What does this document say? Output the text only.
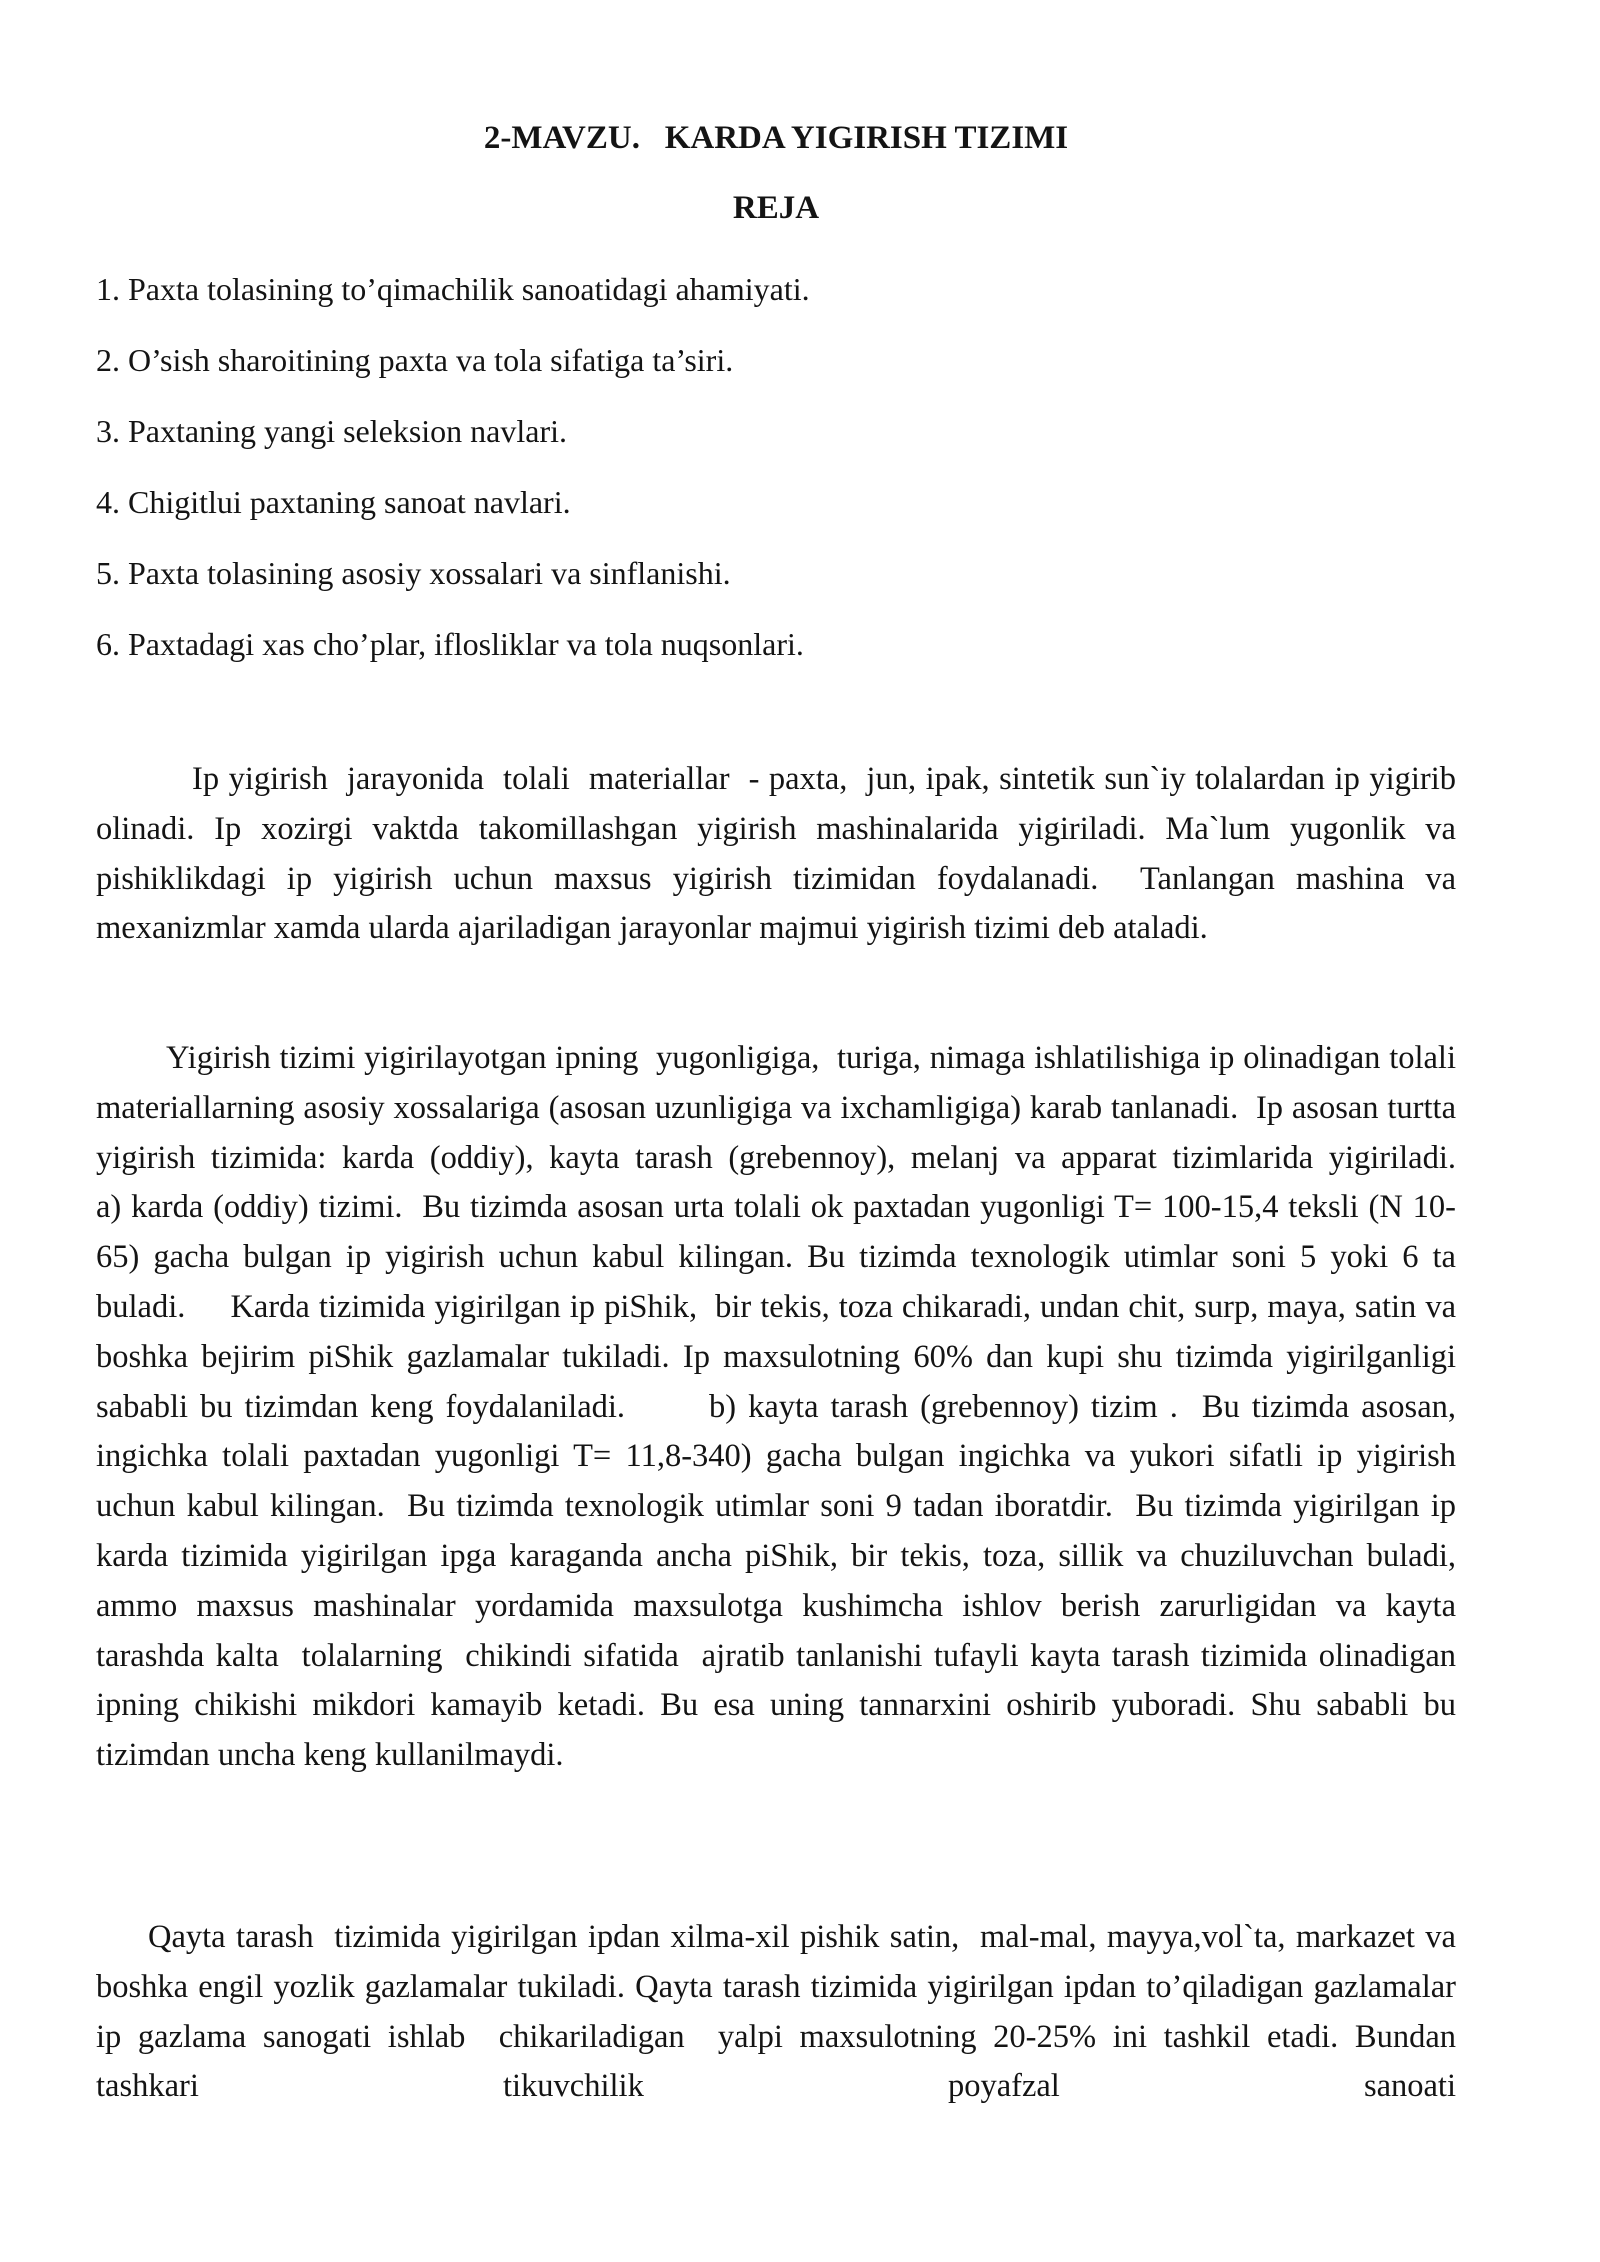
2-MAVZU.   KARDA YIGIRISH TIZIMI
REJA
1. Paxta tolasining to’qimachilik sanoatidagi ahamiyati.
2. O’sish sharoitining paxta va tola sifatiga ta’siri.
3. Paxtaning yangi seleksion navlari.
4. Chigitlui paxtaning sanoat navlari.
5. Paxta tolasining asosiy xossalari va sinflanishi.
6. Paxtadagi xas cho’plar, iflosliklar va tola nuqsonlari.

Ip yigirish  jarayonida  tolali  materiallar  - paxta,  jun, ipak, sintetik sun`iy tolalardan ip yigirib olinadi. Ip xozirgi vaktda takomillashgan yigirish mashinalarida yigiriladi. Ma`lum yugonlik va pishiklikdagi ip yigirish uchun maxsus yigirish tizimidan foydalanadi.  Tanlangan mashina va mexanizmlar xamda ularda ajariladigan jarayonlar majmui yigirish tizimi deb ataladi.

Yigirish tizimi yigirilayotgan ipning  yugonligiga,  turiga, nimaga ishlatilishiga ip olinadigan tolali materiallarning asosiy xossalariga (asosan uzunligiga va ixchamligiga) karab tanlanadi.  Ip asosan turtta yigirish tizimida: karda (oddiy), kayta tarash (grebennoy), melanj va apparat tizimlarida yigiriladi.       a) karda (oddiy) tizimi.  Bu tizimda asosan urta tolali ok paxtadan yugonligi T= 100-15,4 teksli (N 10-65) gacha bulgan ip yigirish uchun kabul kilingan. Bu tizimda texnologik utimlar soni 5 yoki 6 ta buladi.     Karda tizimida yigirilgan ip piShik,  bir tekis, toza chikaradi, undan chit, surp, maya, satin va boshka bejirim piShik gazlamalar tukiladi. Ip maxsulotning 60% dan kupi shu tizimda yigirilganligi sababli bu tizimdan keng foydalaniladi.       b) kayta tarash (grebennoy) tizim .  Bu tizimda asosan, ingichka tolali paxtadan yugonligi T= 11,8-340) gacha bulgan ingichka va yukori sifatli ip yigirish uchun kabul kilingan.  Bu tizimda texnologik utimlar soni 9 tadan iboratdir.  Bu tizimda yigirilgan ip karda tizimida yigirilgan ipga karaganda ancha piShik, bir tekis, toza, sillik va chuziluvchan buladi, ammo maxsus mashinalar yordamida maxsulotga kushimcha ishlov berish zarurligidan va kayta tarashda kalta  tolalarning  chikindi sifatida  ajratib tanlanishi tufayli kayta tarash tizimida olinadigan ipning chikishi mikdori kamayib ketadi. Bu esa uning tannarxini oshirib yuboradi. Shu sababli bu tizimdan uncha keng kullanilmaydi.

Qayta tarash  tizimida yigirilgan ipdan xilma-xil pishik satin,  mal-mal, mayya,vol`ta, markazet va boshka engil yozlik gazlamalar tukiladi. Qayta tarash tizimida yigirilgan ipdan to’qiladigan gazlamalar ip gazlama sanogati ishlab  chikariladigan  yalpi maxsulotning 20-25% ini tashkil etadi. Bundan tashkari tikuvchilik poyafzal sanoati
